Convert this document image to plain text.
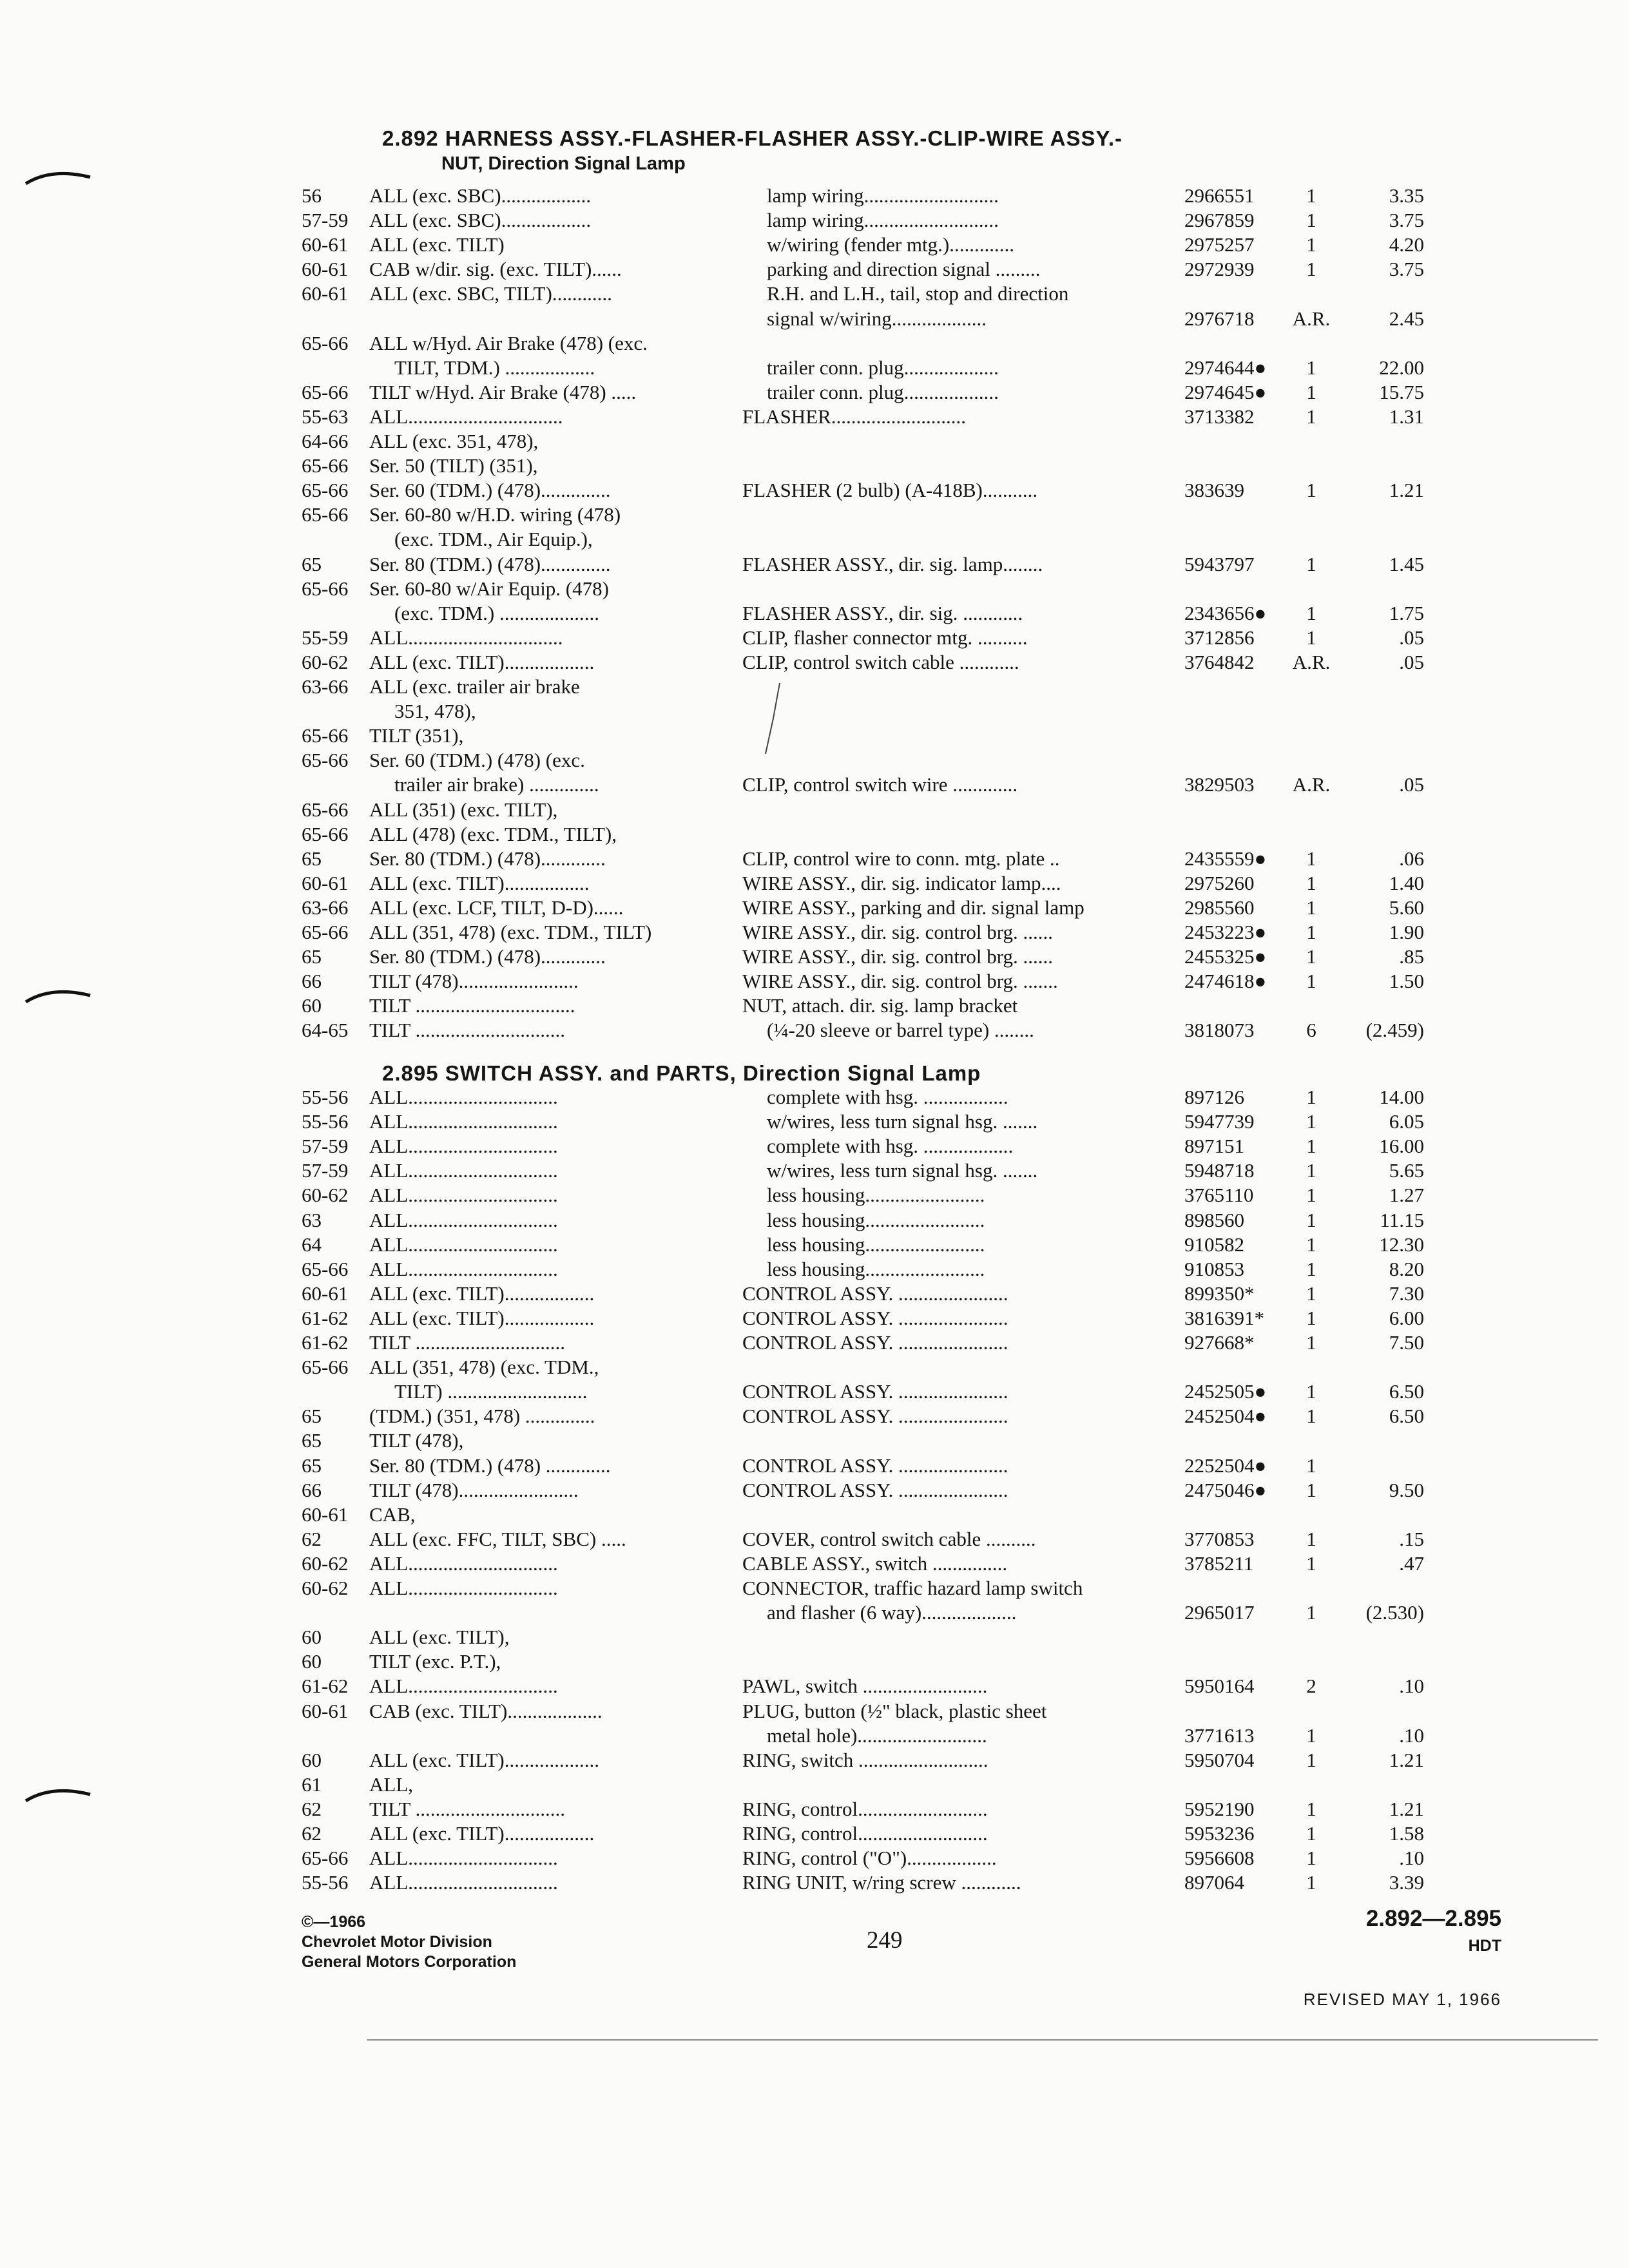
2.892 HARNESS ASSY.-FLASHER-FLASHER ASSY.-CLIP-WIRE ASSY.-
NUT, Direction Signal Lamp
56	ALL (exc. SBC)..................	lamp wiring...........................	2966551	1	3.35
57-59	ALL (exc. SBC)..................	lamp wiring...........................	2967859	1	3.75
60-61	ALL (exc. TILT)	w/wiring (fender mtg.).............	2975257	1	4.20
60-61	CAB w/dir. sig. (exc. TILT)......	parking and direction signal .........	2972939	1	3.75
60-61	ALL (exc. SBC, TILT)............	R.H. and L.H., tail, stop and direction
signal w/wiring...................	2976718	A.R.	2.45
65-66	ALL w/Hyd. Air Brake (478) (exc.
TILT, TDM.) ..................	trailer conn. plug...................	2974644●	1	22.00
65-66	TILT w/Hyd. Air Brake (478) .....	trailer conn. plug...................	2974645●	1	15.75
55-63	ALL...............................	FLASHER...........................	3713382	1	1.31
64-66	ALL (exc. 351, 478),
65-66	Ser. 50 (TILT) (351),
65-66	Ser. 60 (TDM.) (478)..............	FLASHER (2 bulb) (A-418B)...........	383639	1	1.21
65-66	Ser. 60-80 w/H.D. wiring (478)
(exc. TDM., Air Equip.),
65	Ser. 80 (TDM.) (478)..............	FLASHER ASSY., dir. sig. lamp........	5943797	1	1.45
65-66	Ser. 60-80 w/Air Equip. (478)
(exc. TDM.) ....................	FLASHER ASSY., dir. sig. ............	2343656●	1	1.75
55-59	ALL...............................	CLIP, flasher connector mtg. ..........	3712856	1	.05
60-62	ALL (exc. TILT)..................	CLIP, control switch cable ............	3764842	A.R.	.05
63-66	ALL (exc. trailer air brake
351, 478),
65-66	TILT (351),
65-66	Ser. 60 (TDM.) (478) (exc.
trailer air brake) ..............	CLIP, control switch wire .............	3829503	A.R.	.05
65-66	ALL (351) (exc. TILT),
65-66	ALL (478) (exc. TDM., TILT),
65	Ser. 80 (TDM.) (478).............	CLIP, control wire to conn. mtg. plate ..	2435559●	1	.06
60-61	ALL (exc. TILT).................	WIRE ASSY., dir. sig. indicator lamp....	2975260	1	1.40
63-66	ALL (exc. LCF, TILT, D-D)......	WIRE ASSY., parking and dir. signal lamp	2985560	1	5.60
65-66	ALL (351, 478) (exc. TDM., TILT)	WIRE ASSY., dir. sig. control brg. ......	2453223●	1	1.90
65	Ser. 80 (TDM.) (478).............	WIRE ASSY., dir. sig. control brg. ......	2455325●	1	.85
66	TILT (478)........................	WIRE ASSY., dir. sig. control brg. .......	2474618●	1	1.50
60	TILT ................................	NUT, attach. dir. sig. lamp bracket
64-65	TILT ..............................	(¼-20 sleeve or barrel type) ........	3818073	6	(2.459)
2.895 SWITCH ASSY. and PARTS, Direction Signal Lamp
55-56	ALL..............................	complete with hsg. .................	897126	1	14.00
55-56	ALL..............................	w/wires, less turn signal hsg. .......	5947739	1	6.05
57-59	ALL..............................	complete with hsg. ..................	897151	1	16.00
57-59	ALL..............................	w/wires, less turn signal hsg. .......	5948718	1	5.65
60-62	ALL..............................	less housing........................	3765110	1	1.27
63	ALL..............................	less housing........................	898560	1	11.15
64	ALL..............................	less housing........................	910582	1	12.30
65-66	ALL..............................	less housing........................	910853	1	8.20
60-61	ALL (exc. TILT)..................	CONTROL ASSY. ......................	899350*	1	7.30
61-62	ALL (exc. TILT)..................	CONTROL ASSY. ......................	3816391*	1	6.00
61-62	TILT ..............................	CONTROL ASSY. ......................	927668*	1	7.50
65-66	ALL (351, 478) (exc. TDM.,
TILT) ............................	CONTROL ASSY. ......................	2452505●	1	6.50
65	(TDM.) (351, 478) ..............	CONTROL ASSY. ......................	2452504●	1	6.50
65	TILT (478),
65	Ser. 80 (TDM.) (478) .............	CONTROL ASSY. ......................	2252504●	1
66	TILT (478)........................	CONTROL ASSY. ......................	2475046●	1	9.50
60-61	CAB,
62	ALL (exc. FFC, TILT, SBC) .....	COVER, control switch cable ..........	3770853	1	.15
60-62	ALL..............................	CABLE ASSY., switch ...............	3785211	1	.47
60-62	ALL..............................	CONNECTOR, traffic hazard lamp switch
and flasher (6 way)...................	2965017	1	(2.530)
60	ALL (exc. TILT),
60	TILT (exc. P.T.),
61-62	ALL..............................	PAWL, switch .........................	5950164	2	.10
60-61	CAB (exc. TILT)...................	PLUG, button (½" black, plastic sheet
metal hole)..........................	3771613	1	.10
60	ALL (exc. TILT)...................	RING, switch ..........................	5950704	1	1.21
61	ALL,
62	TILT ..............................	RING, control..........................	5952190	1	1.21
62	ALL (exc. TILT)..................	RING, control..........................	5953236	1	1.58
65-66	ALL..............................	RING, control ("O")..................	5956608	1	.10
55-56	ALL..............................	RING UNIT, w/ring screw ............	897064	1	3.39
©—1966
Chevrolet Motor Division
General Motors Corporation
249
2.892—2.895
HDT
REVISED MAY 1, 1966
